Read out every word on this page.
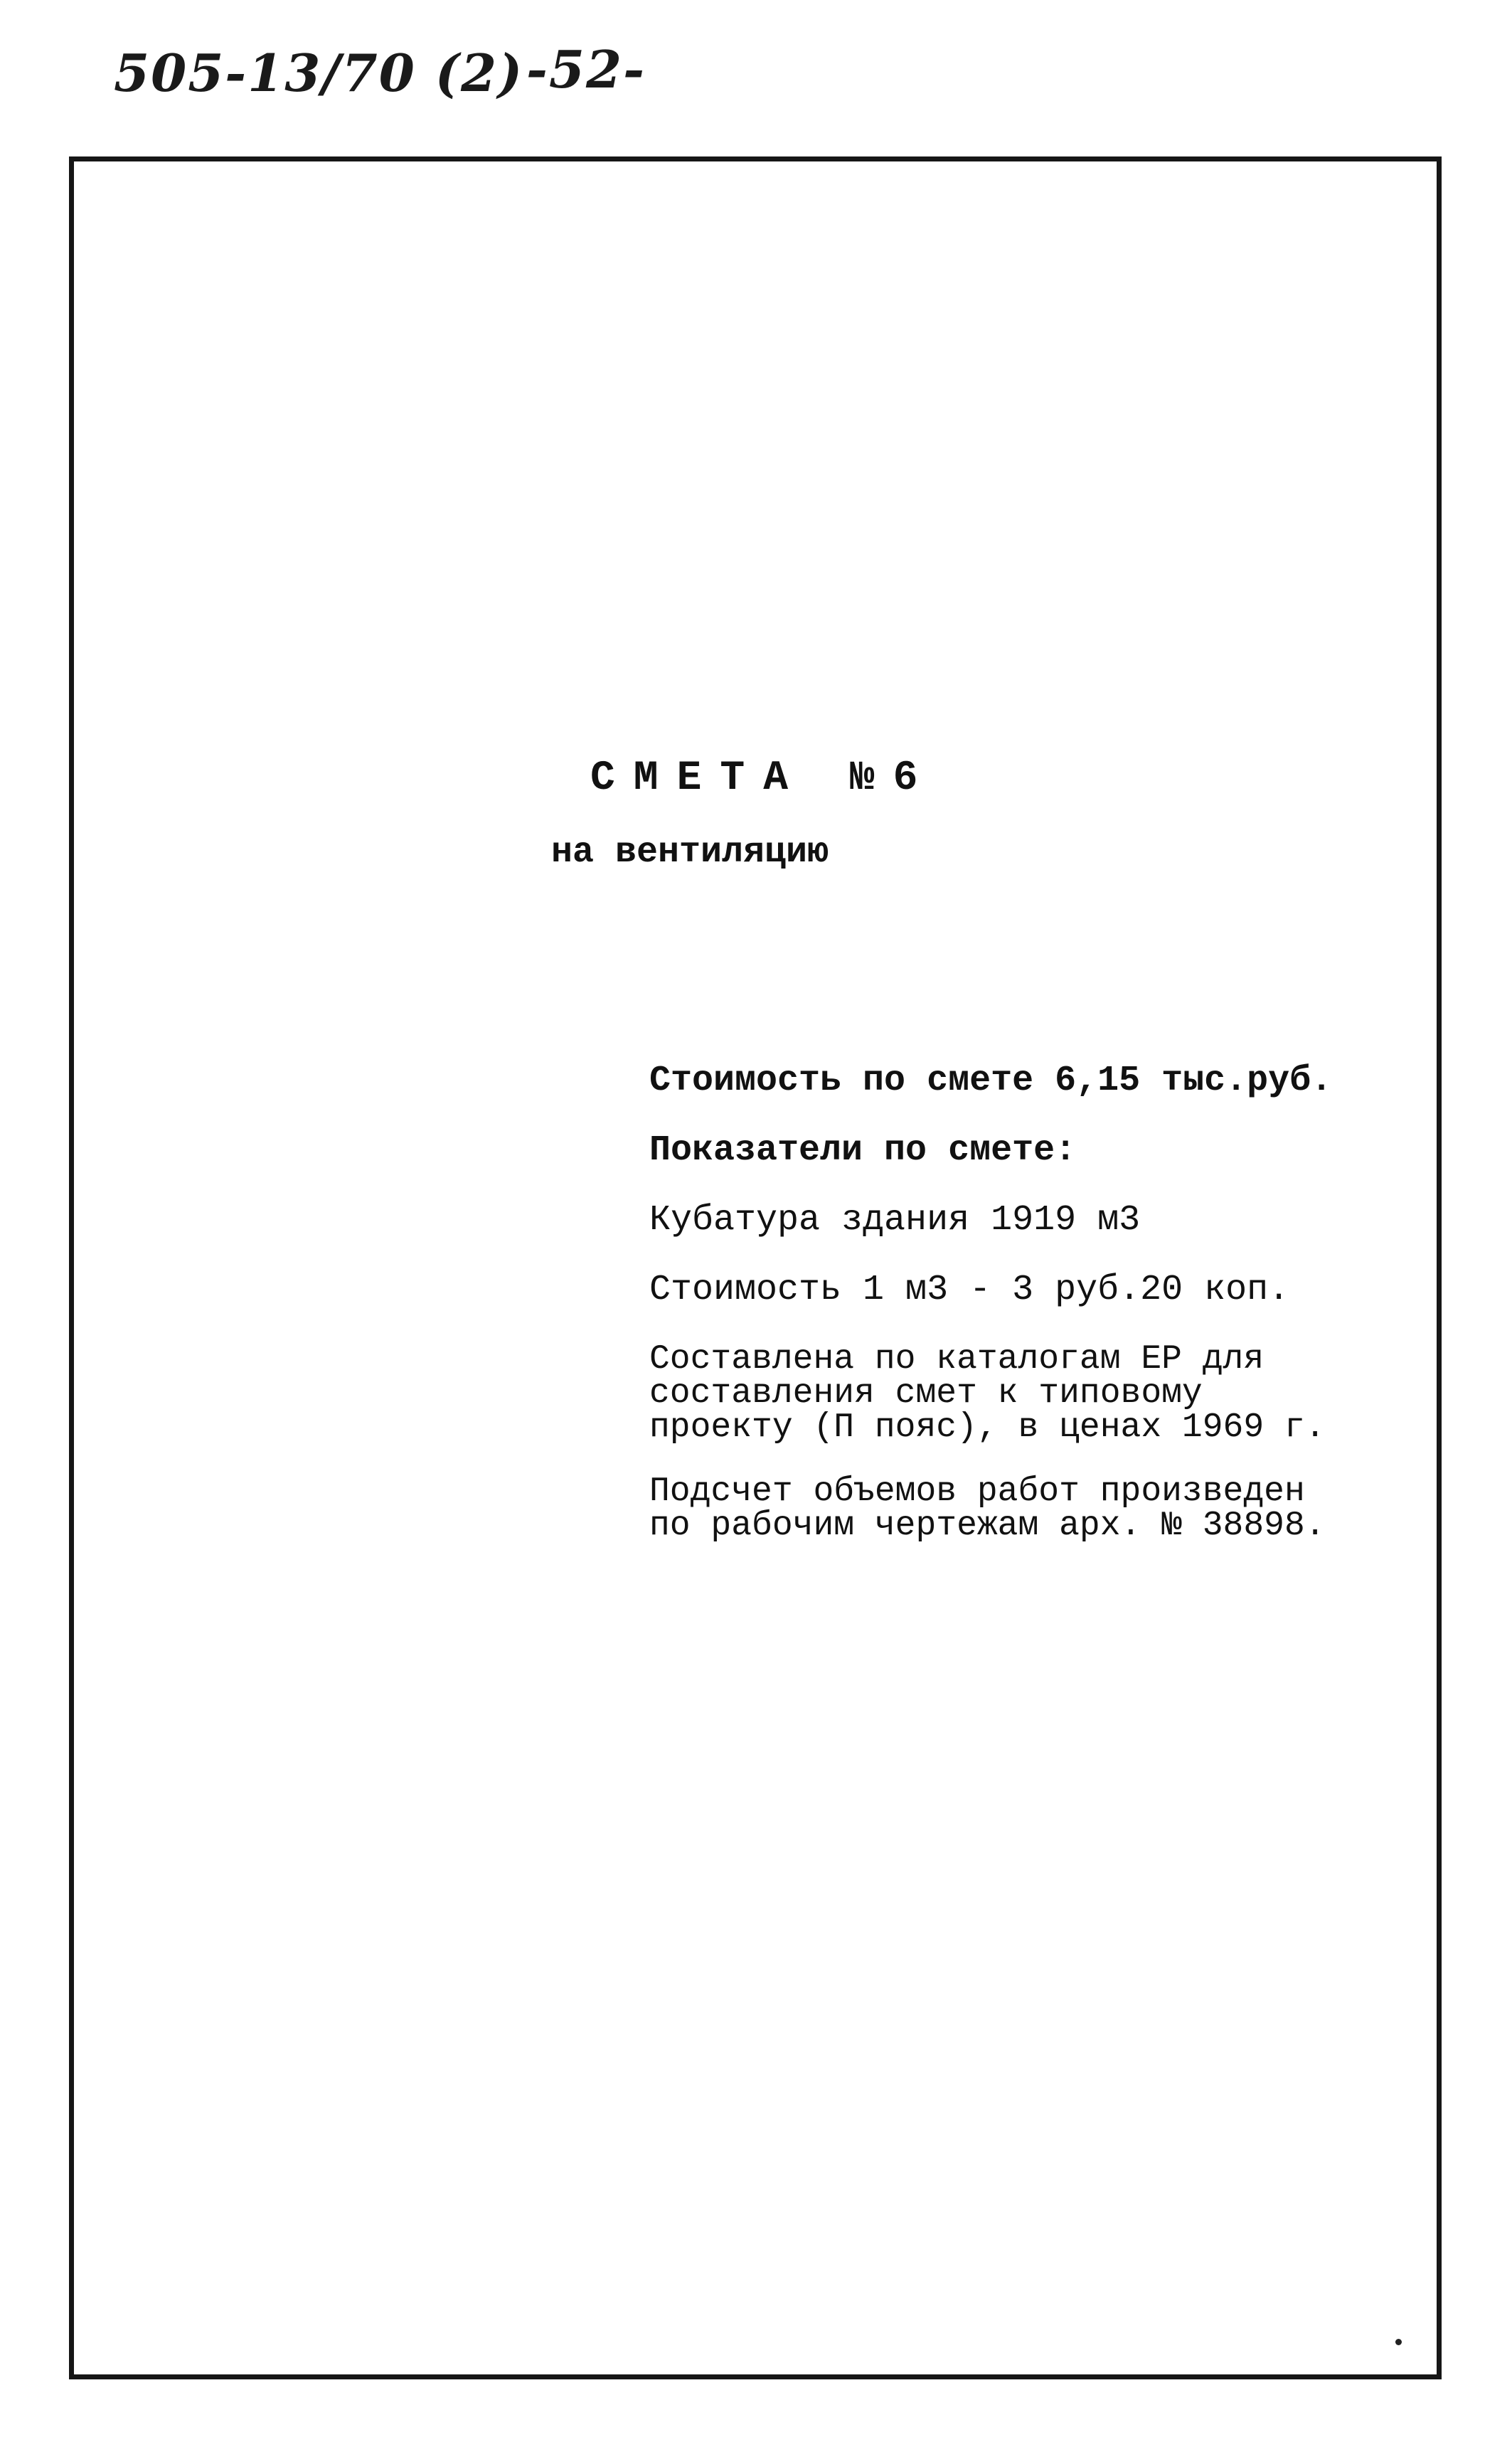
505-13/70 (2) -52-
СМЕТА №6
на вентиляцию
Стоимость по смете 6,15 тыс.руб.
Показатели по смете:
Кубатура здания 1919 м3
Стоимость 1 м3 - 3 руб.20 коп.
Составлена по каталогам ЕР для
составления смет к типовому
проекту (П пояс), в ценах 1969 г.
Подсчет объемов работ произведен
по рабочим чертежам арх. № 38898.
